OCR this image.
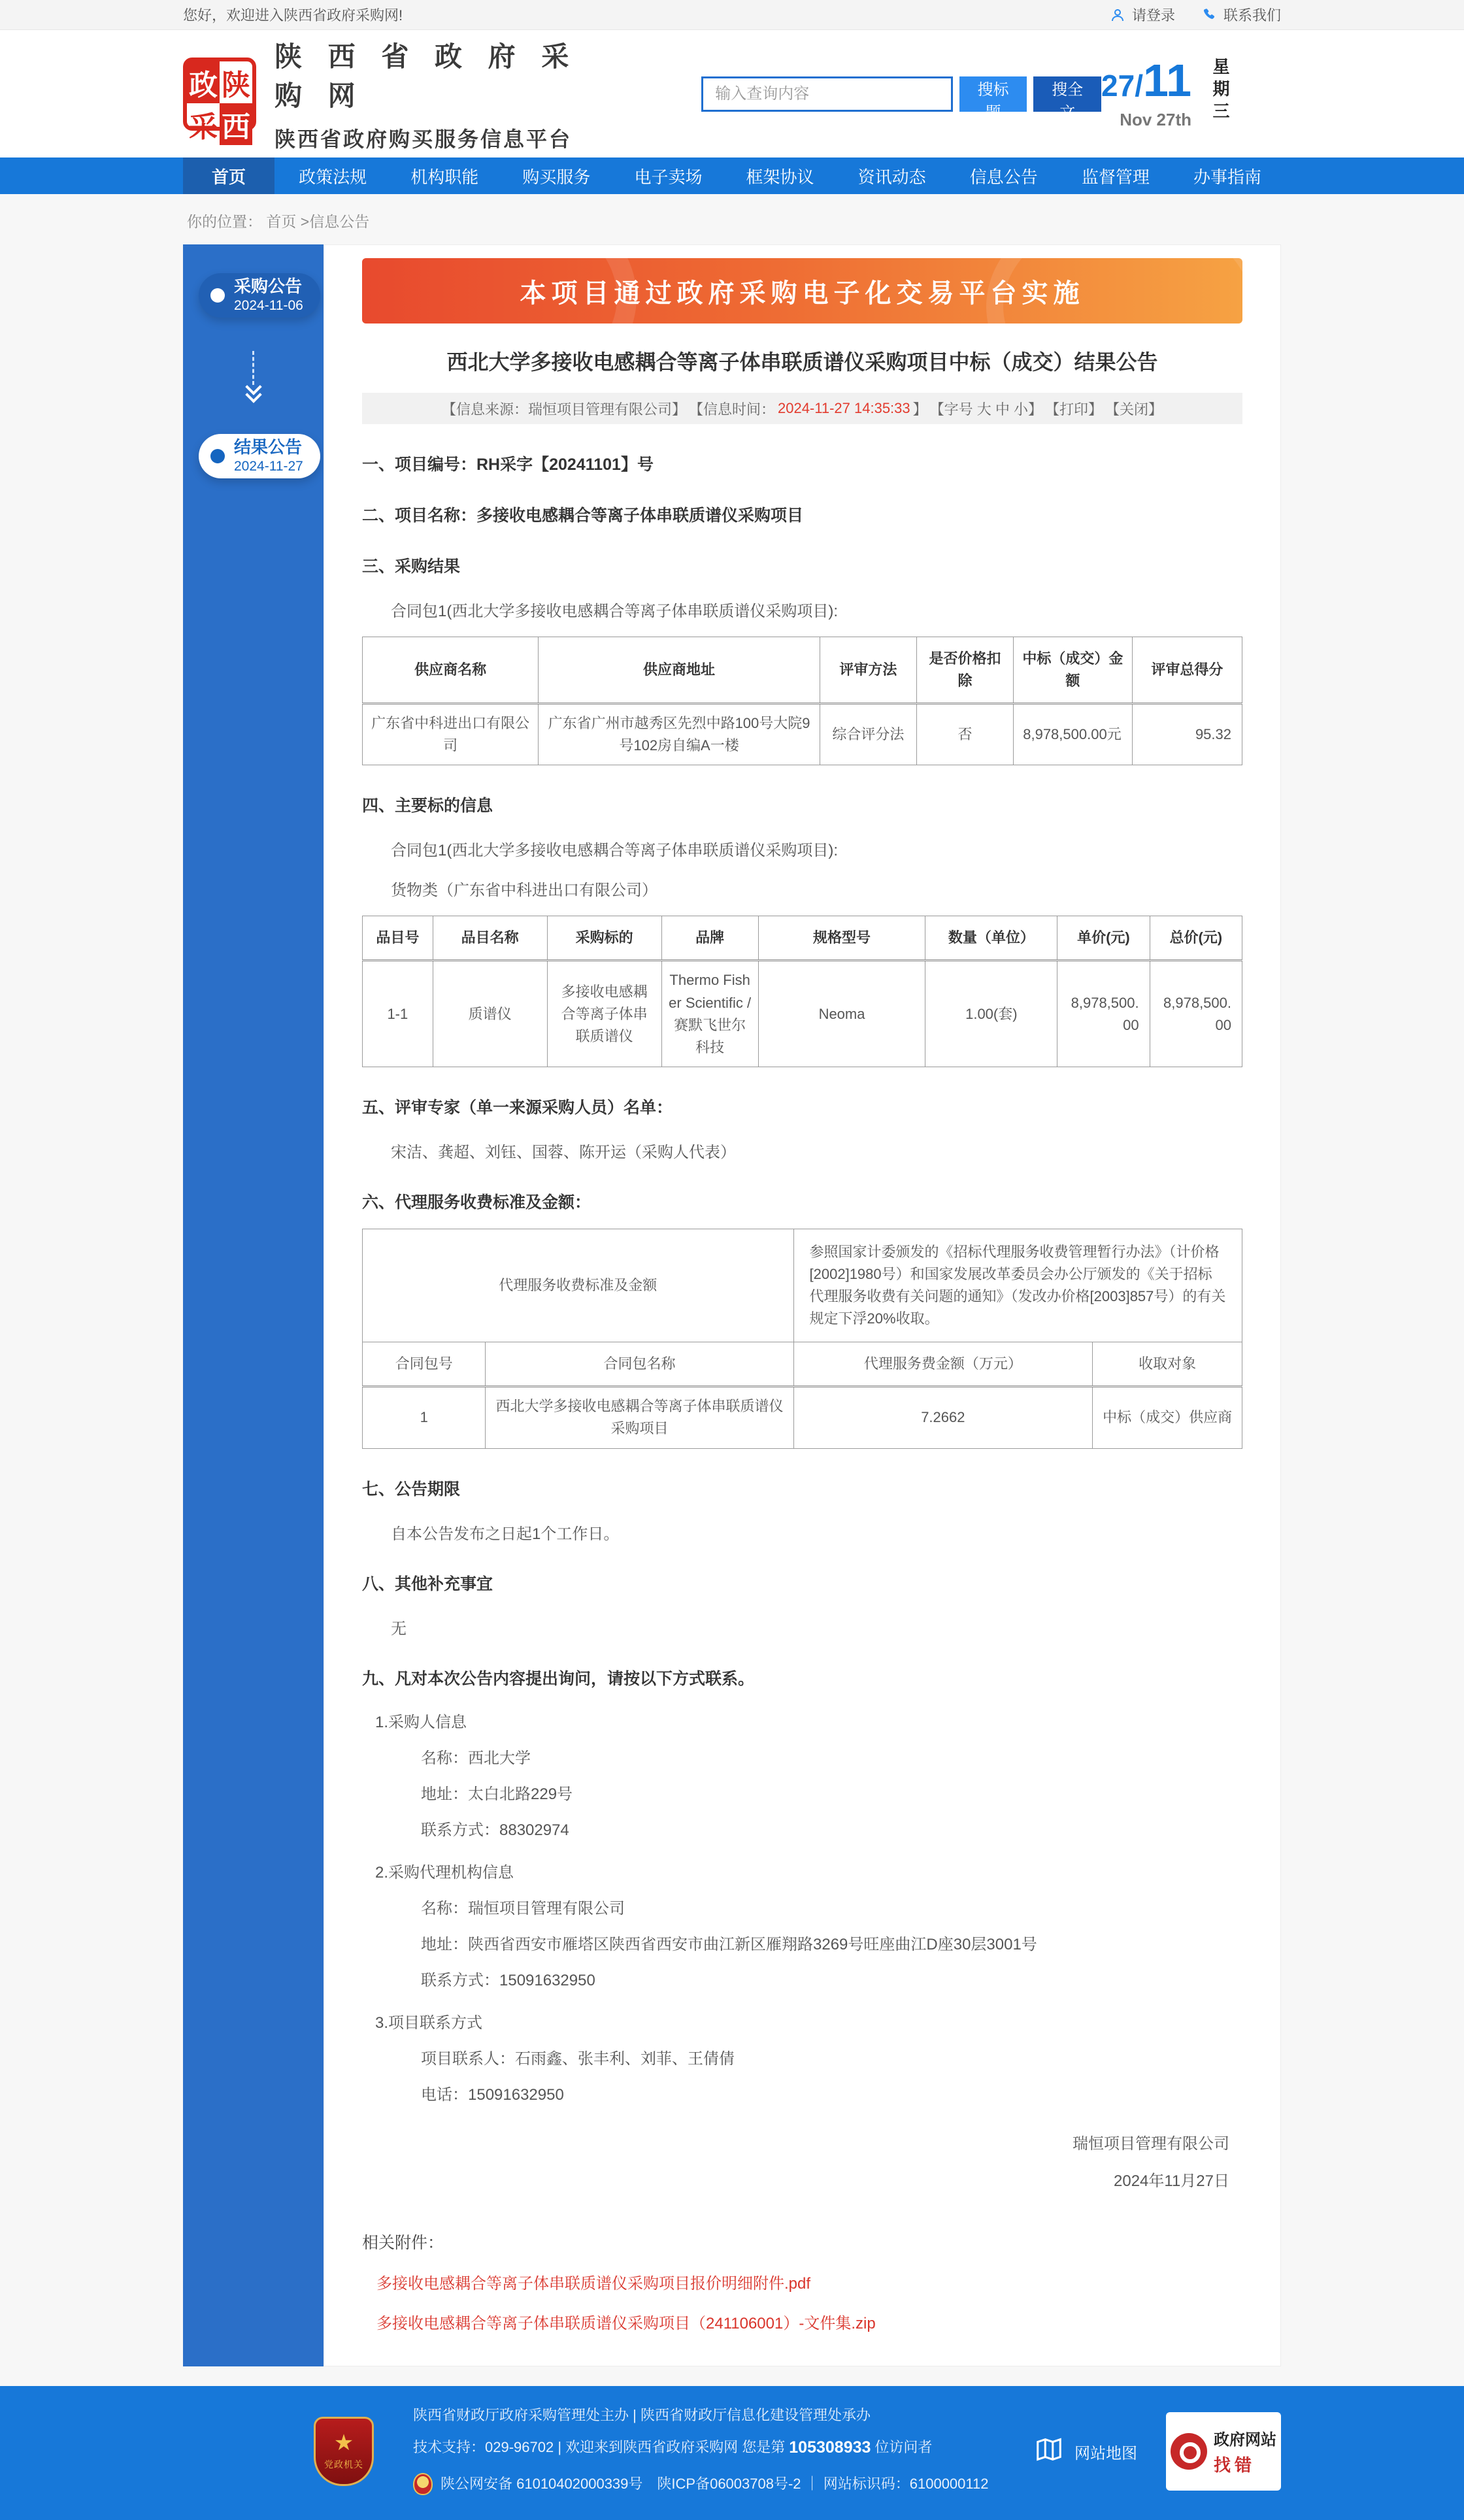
您好，欢迎进入陕西省政府采购网!	请登录	联系我们
政 陕
采 西
陕 西 省 政 府 采 购 网
陕西省政府购买服务信息平台
输入查询内容
搜标题
搜全文
27/ 11
Nov 27th 星期三
首页	政策法规	机构职能	购买服务	电子卖场	框架协议	资讯动态	信息公告	监督管理	办事指南
你的位置： 首页 >信息公告
采购公告
2024-11-06
结果公告
2024-11-27
本项目通过政府采购电子化交易平台实施
西北大学多接收电感耦合等离子体串联质谱仪采购项目中标（成交）结果公告
【信息来源：瑞恒项目管理有限公司】 【信息时间： 2024-11-27 14:35:33 】 【字号 大 中 小】 【打印】 【关闭】
一、项目编号：RH采字【20241101】号
二、项目名称：多接收电感耦合等离子体串联质谱仪采购项目
三、采购结果
合同包1(西北大学多接收电感耦合等离子体串联质谱仪采购项目):
供应商名称	供应商地址	评审方法	是否价格扣除	中标（成交）金额	评审总得分
广东省中科进出口有限公司	广东省广州市越秀区先烈中路100号大院9号102房自编A一楼	综合评分法	否	8,978,500.00元	95.32
四、主要标的信息
合同包1(西北大学多接收电感耦合等离子体串联质谱仪采购项目):
货物类（广东省中科进出口有限公司）
品目号	品目名称	采购标的	品牌	规格型号	数量（单位）	单价(元)	总价(元)
1-1	质谱仪	多接收电感耦合等离子体串联质谱仪	Thermo Fisher Scientific /赛默飞世尔科技	Neoma	1.00(套)	8,978,500.00	8,978,500.00
五、评审专家（单一来源采购人员）名单：
宋洁、龚超、刘钰、国蓉、陈开运（采购人代表）
六、代理服务收费标准及金额：
代理服务收费标准及金额		参照国家计委颁发的《招标代理服务收费管理暂行办法》（计价格[2002]1980号）和国家发展改革委员会办公厅颁发的《关于招标代理服务收费有关问题的通知》（发改办价格[2003]857号）的有关规定下浮20%收取。	
合同包号	合同包名称	代理服务费金额（万元）	收取对象
1	西北大学多接收电感耦合等离子体串联质谱仪采购项目	7.2662	中标（成交）供应商
七、公告期限
自本公告发布之日起1个工作日。
八、其他补充事宜
无
九、凡对本次公告内容提出询问，请按以下方式联系。
1.采购人信息
名称：西北大学
地址：太白北路229号
联系方式：88302974
2.采购代理机构信息
名称：瑞恒项目管理有限公司
地址：陕西省西安市雁塔区陕西省西安市曲江新区雁翔路3269号旺座曲江D座30层3001号
联系方式：15091632950
3.项目联系方式
项目联系人：石雨鑫、张丰利、刘菲、王倩倩
电话：15091632950
瑞恒项目管理有限公司
2024年11月27日
相关附件：
多接收电感耦合等离子体串联质谱仪采购项目报价明细附件.pdf
多接收电感耦合等离子体串联质谱仪采购项目（241106001）-文件集.zip
★
党政机关
陕西省财政厅政府采购管理处主办 | 陕西省财政厅信息化建设管理处承办
技术支持：029-96702 | 欢迎来到陕西省政府采购网 您是第 105308933 位访问者
陕公网安备 61010402000339号　陕ICP备06003708号-2 ｜ 网站标识码：6100000112
网站地图
政府网站
找错
